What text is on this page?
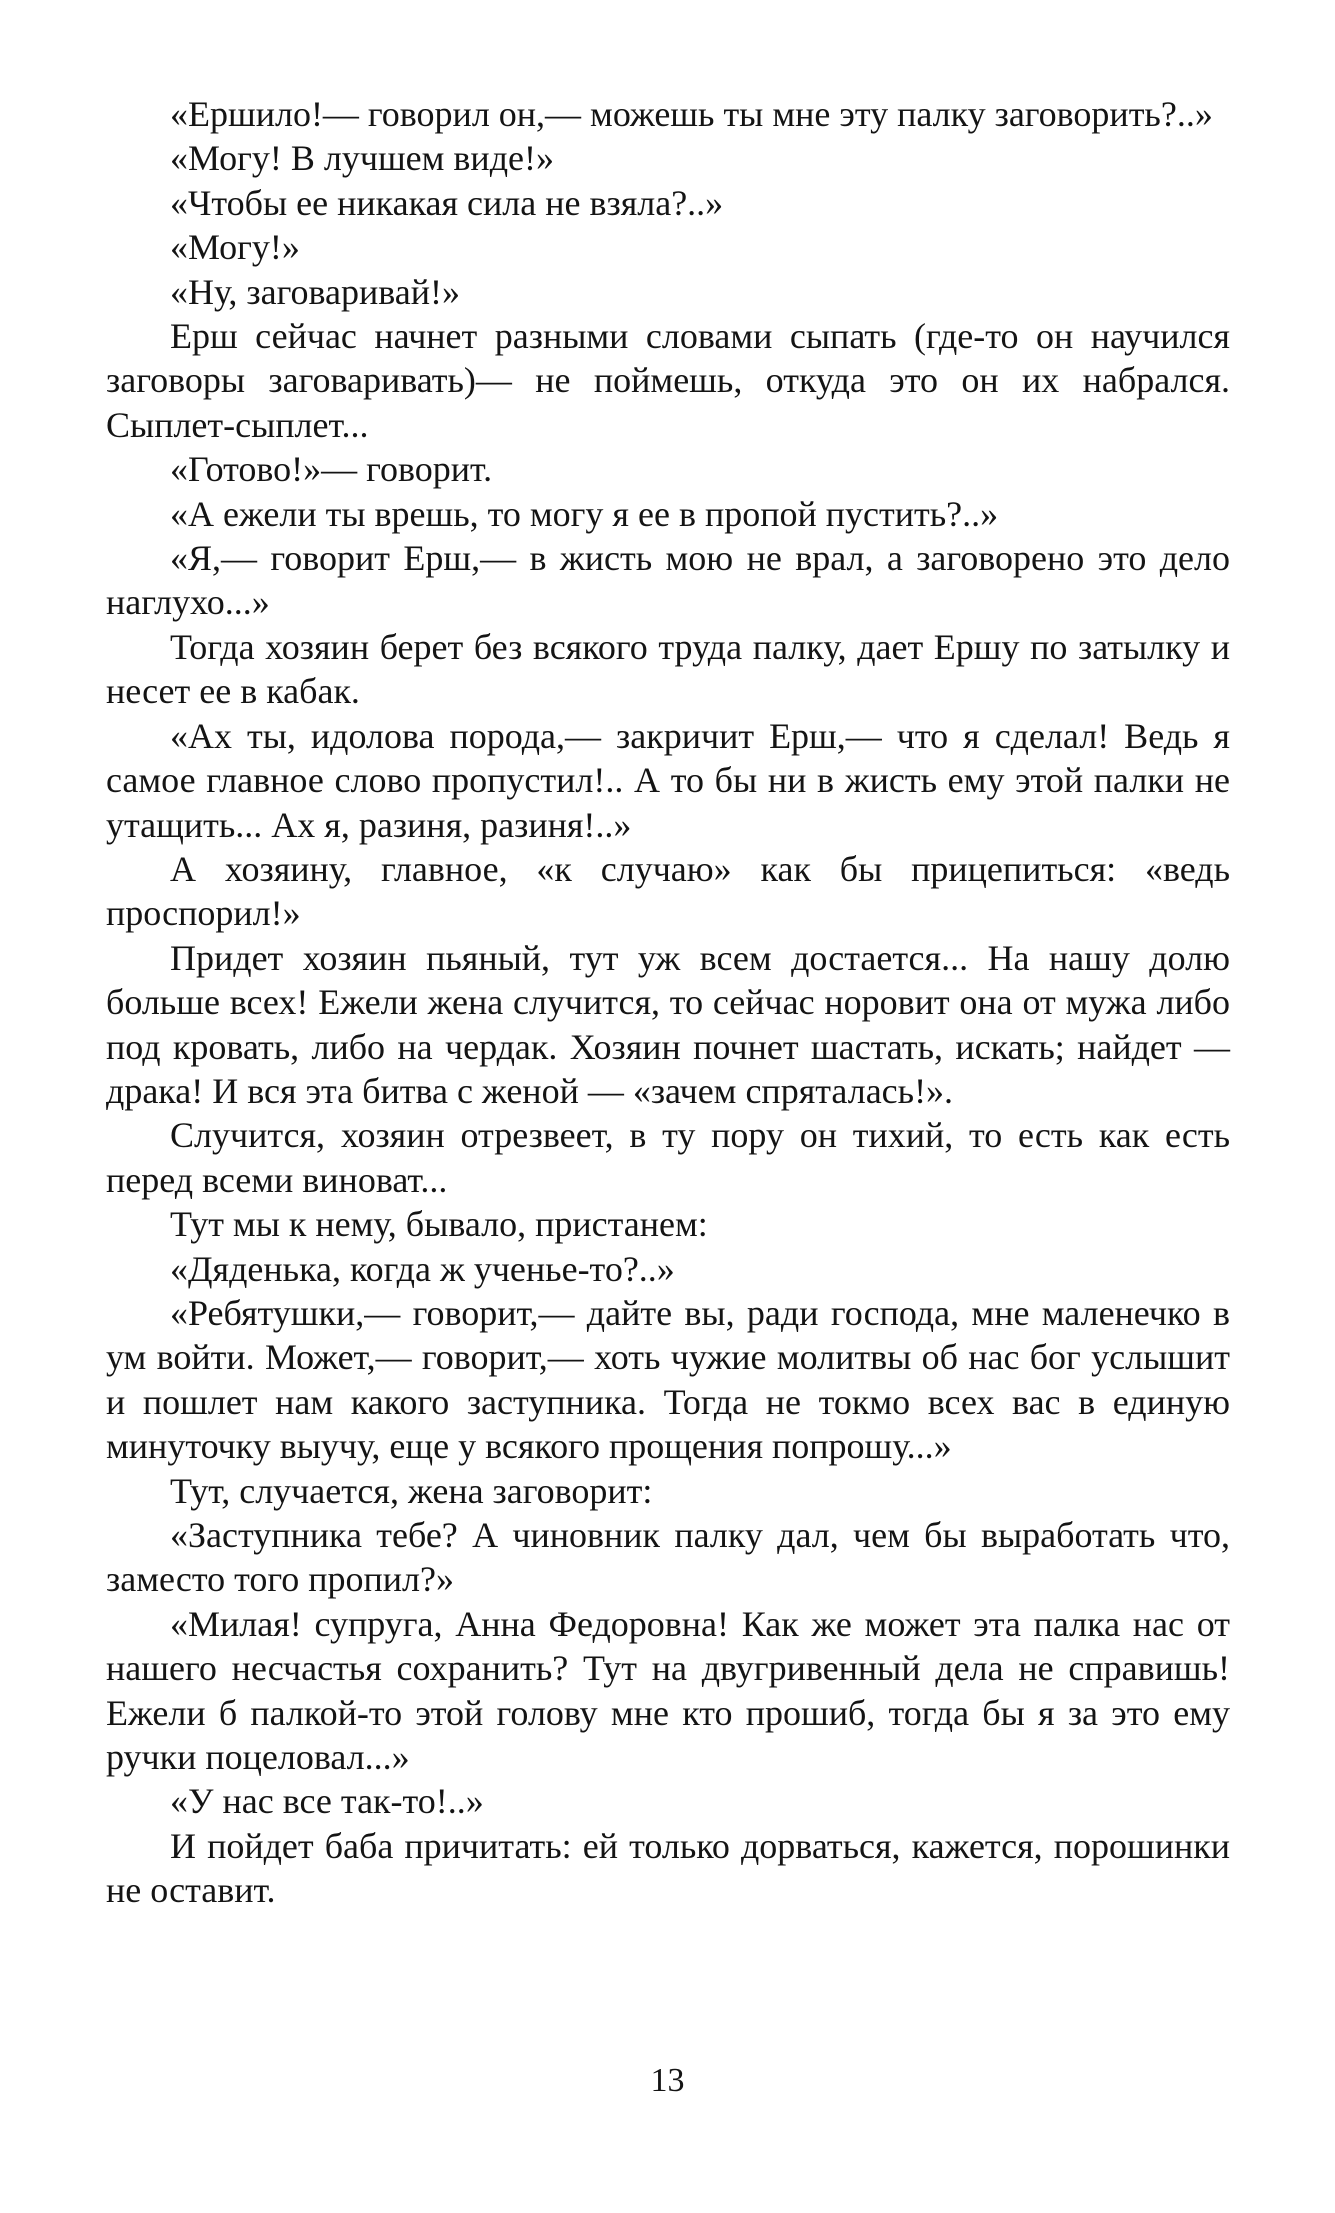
«Ершило!— говорил он,— можешь ты мне эту палку заговорить?..»

«Могу! В лучшем виде!»

«Чтобы ее никакая сила не взяла?..»

«Могу!»

«Ну, заговаривай!»

Ерш сейчас начнет разными словами сыпать (где-то он научился заговоры заговаривать)— не поймешь, откуда это он их набрался. Сыплет-сыплет...

«Готово!»— говорит.

«А ежели ты врешь, то могу я ее в пропой пустить?..»

«Я,— говорит Ерш,— в жисть мою не врал, а заговорено это дело наглухо...»

Тогда хозяин берет без всякого труда палку, дает Ершу по затылку и несет ее в кабак.

«Ах ты, идолова порода,— закричит Ерш,— что я сделал! Ведь я самое главное слово пропустил!.. А то бы ни в жисть ему этой палки не утащить... Ах я, разиня, разиня!..»

А хозяину, главное, «к случаю» как бы прицепиться: «ведь проспорил!»

Придет хозяин пьяный, тут уж всем достается... На нашу долю больше всех! Ежели жена случится, то сейчас норовит она от мужа либо под кровать, либо на чердак. Хозяин почнет шастать, искать; найдет — драка! И вся эта битва с женой — «зачем спряталась!».

Случится, хозяин отрезвеет, в ту пору он тихий, то есть как есть перед всеми виноват...

Тут мы к нему, бывало, пристанем:

«Дяденька, когда ж ученье-то?..»

«Ребятушки,— говорит,— дайте вы, ради господа, мне маленечко в ум войти. Может,— говорит,— хоть чужие молитвы об нас бог услышит и пошлет нам какого заступника. Тогда не токмо всех вас в единую минуточку выучу, еще у всякого прощения попрошу...»

Тут, случается, жена заговорит:

«Заступника тебе? А чиновник палку дал, чем бы выработать что, заместо того пропил?»

«Милая! супруга, Анна Федоровна! Как же может эта палка нас от нашего несчастья сохранить? Тут на двугривенный дела не справишь! Ежели б палкой-то этой голову мне кто прошиб, тогда бы я за это ему ручки поцеловал...»

«У нас все так-то!..»

И пойдет баба причитать: ей только дорваться, кажется, порошинки не оставит.

13
